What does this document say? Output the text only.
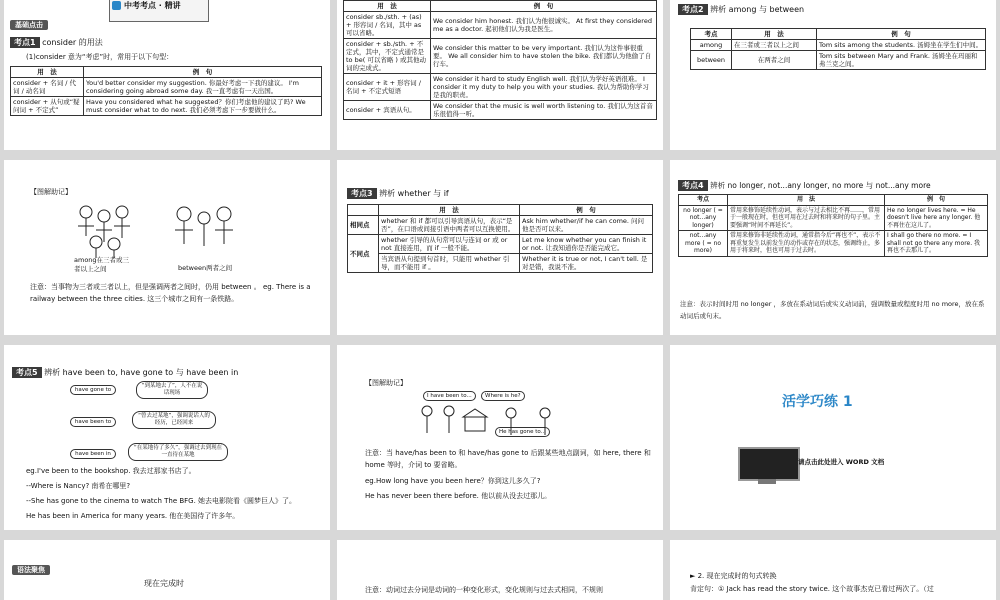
中考考点 · 精讲
基础点击
考点1 consider 的用法
(1)consider 意为“考虑”时，常用于以下句型：
用　法	例　句
consider + 名词 / 代词 / 动名词	You'd better consider my suggestion. 你最好考虑一下我的建议。 I'm considering going abroad some day. 我一直考虑有一天出国。
consider + 从句或“疑问词 + 不定式”	Have you considered what he suggested？你们考虑他的建议了吗? We must consider what to do next. 我们必须考虑下一步要做什么。
用　法	例　句
consider sb./sth. + (as) + 形容词 / 名词，其中 as 可以省略。	We consider him honest. 我们认为他很诚实。 At first they considered me as a doctor. 起初他们认为我是医生。
consider + sb./sth. + 不定式，其中，不定式通常是 to be( 可以省略 ) 或其他动词的完成式。	We consider this matter to be very important. 我们认为这件事很重要。 We all consider him to have stolen the bike. 我们都认为他偷了自行车。
consider + it + 形容词 / 名词 + 不定式短语	We consider it hard to study English well. 我们认为学好英语很难。 I consider it my duty to help you with your studies. 我认为帮助你学习是我的职责。
consider + 宾语从句。	We consider that the music is well worth listening to. 我们认为这首音乐很值得一听。
考点2 辨析 among 与 between
考点	用　法	例　句
among	在三者或三者以上之间	Tom sits among the students. 汤姆坐在学生们中间。
between	在两者之间	Tom sits between Mary and Frank. 汤姆坐在玛丽和弗兰克之间。
【图解助记】
among在三者或三者以上之间	between两者之间
注意：当事物为三者或三者以上，但是强调两者之间时，仍用 between 。 eg. There is a railway between the three cities. 这三个城市之间有一条铁路。
考点3 辨析 whether 与 if
	用　法	例　句
相同点	whether 和 if 都可以引导宾语从句，表示“是否”，在口语或间接引语中两者可以互换使用。	Ask him whether/if he can come. 问问他是否可以来。
不同点	whether 引导的从句常可以与连词 or 或 or not 直接连用，而 if 一般不能。	Let me know whether you can finish it or not. 让我知道你是否能完成它。
	当宾语从句提到句首时，只能用 whether 引导，而不能用 if 。	Whether it is true or not, I can't tell. 是对是错，我说不准。
考点4 辨析 no longer, not...any longer, no more 与 not...any more
考点	用　法	例　句
no longer ( = not...any longer)	常用来修饰延续性动词，表示与过去相比不再……，常用于一般现在时，但也可用在过去时和将来时的句子里。主要强调“时间不再延长”。	He no longer lives here. = He doesn't live here any longer. 他不再住在这儿了。
not...any more ( = no more)	常用来修饰非延续性动词，通常指今后“再也不”，表示不再重复发生以前发生的动作或存在的状态，强调终止，多用于将来时，但也可用于过去时。	I shall go there no more. = I shall not go there any more. 我再也不去那儿了。
注意：表示时间时用 no longer ，多放在系动词后或实义动词前，强调数量或程度时用 no more，放在系动词后或句末。
考点5 辨析 have been to, have gone to 与 have been in
have gone to
“到某地去了”，人不在说话现场
have been to
“曾去过某地”，强调说话人的经历，已经回来
have been in
“在某地待了多久”，强调过去到现在一直待在某地
eg.I've been to the bookshop. 我去过那家书店了。
--Where is Nancy? 南希在哪里?
--She has gone to the cinema to watch The BFG. 她去电影院看《圆梦巨人》了。
He has been in America for many years. 他在美国待了许多年。
【图解助记】
I have been to...	Where is he?
He has gone to...
注意：当 have/has been to 和 have/has gone to 后跟某些地点副词，如 here, there 和 home 等时，介词 to 要省略。
eg.How long have you been here？你到这儿多久了?
He has never been there before. 他以前从没去过那儿。
活学巧练 1
请点击此处进入 WORD 文档
语法聚焦
现在完成时
注意：动词过去分词是动词的一种变化形式，变化规则与过去式相同，不规则
► 2. 现在完成时的句式转换
肯定句：① Jack has read the story twice. 这个故事杰克已看过两次了。（过
